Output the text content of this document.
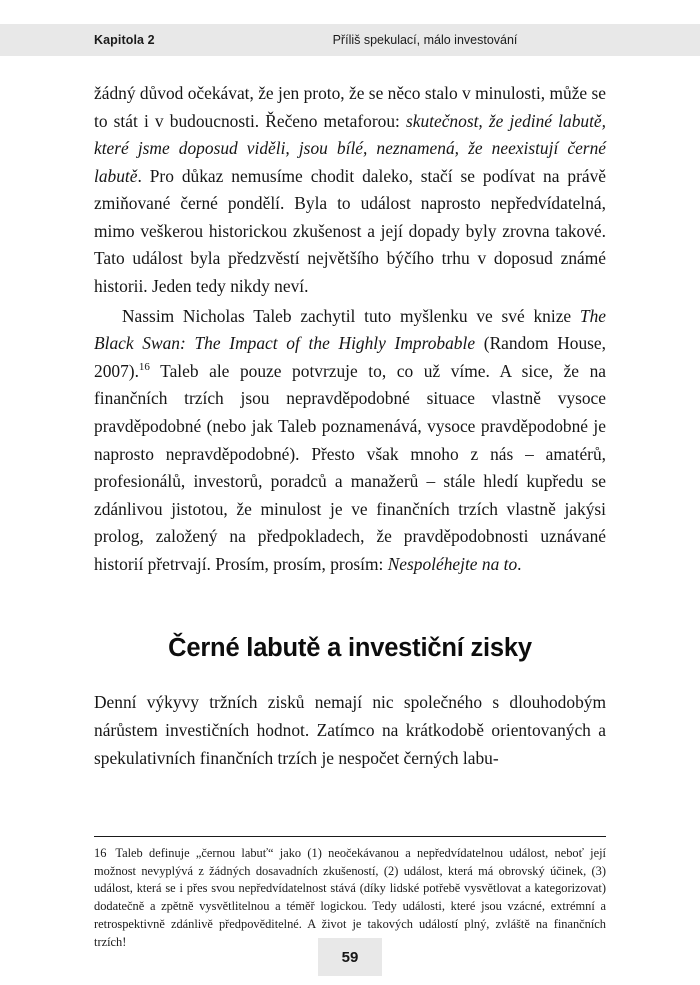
Kapitola 2	Příliš spekulací, málo investování

žádný důvod očekávat, že jen proto, že se něco stalo v minulosti, může se to stát i v budoucnosti. Řečeno metaforou: skutečnost, že jediné labutě, které jsme doposud viděli, jsou bílé, neznamená, že neexistují černé labutě. Pro důkaz nemusíme chodit daleko, stačí se podívat na právě zmiňované černé pondělí. Byla to událost naprosto nepředvídatelná, mimo veškerou historickou zkušenost a její dopady byly zrovna takové. Tato událost byla předzvěstí největšího býčího trhu v doposud známé historii. Jeden tedy nikdy neví.

Nassim Nicholas Taleb zachytil tuto myšlenku ve své knize The Black Swan: The Impact of the Highly Improbable (Random House, 2007).$^{16}$ Taleb ale pouze potvrzuje to, co už víme. A sice, že na finančních trzích jsou nepravděpodobné situace vlastně vysoce pravděpodobné (nebo jak Taleb poznamenává, vysoce pravděpodobné je naprosto nepravděpodobné). Přesto však mnoho z nás – amatérů, profesionálů, investorů, poradců a manažerů – stále hledí kupředu se zdánlivou jistotou, že minulost je ve finančních trzích vlastně jakýsi prolog, založený na předpokladech, že pravděpodobnosti uznávané historií přetrvají. Prosím, prosím, prosím: Nespoléhejte na to.

Černé labutě a investiční zisky

Denní výkyvy tržních zisků nemají nic společného s dlouhodobým nárůstem investičních hodnot. Zatímco na krátkodobě orientovaných a spekulativních finančních trzích je nespočet černých labu-

16 Taleb definuje „černou labuť“ jako (1) neočekávanou a nepředvídatelnou událost, neboť její možnost nevyplývá z žádných dosavadních zkušeností, (2) událost, která má obrovský účinek, (3) událost, která se i přes svou nepředvídatelnost stává (díky lidské potřebě vysvětlovat a kategorizovat) dodatečně a zpětně vysvětlitelnou a téměř logickou. Tedy události, které jsou vzácné, extrémní a retrospektivně zdánlivě předpověditelné. A život je takových událostí plný, zvláště na finančních trzích!
59
